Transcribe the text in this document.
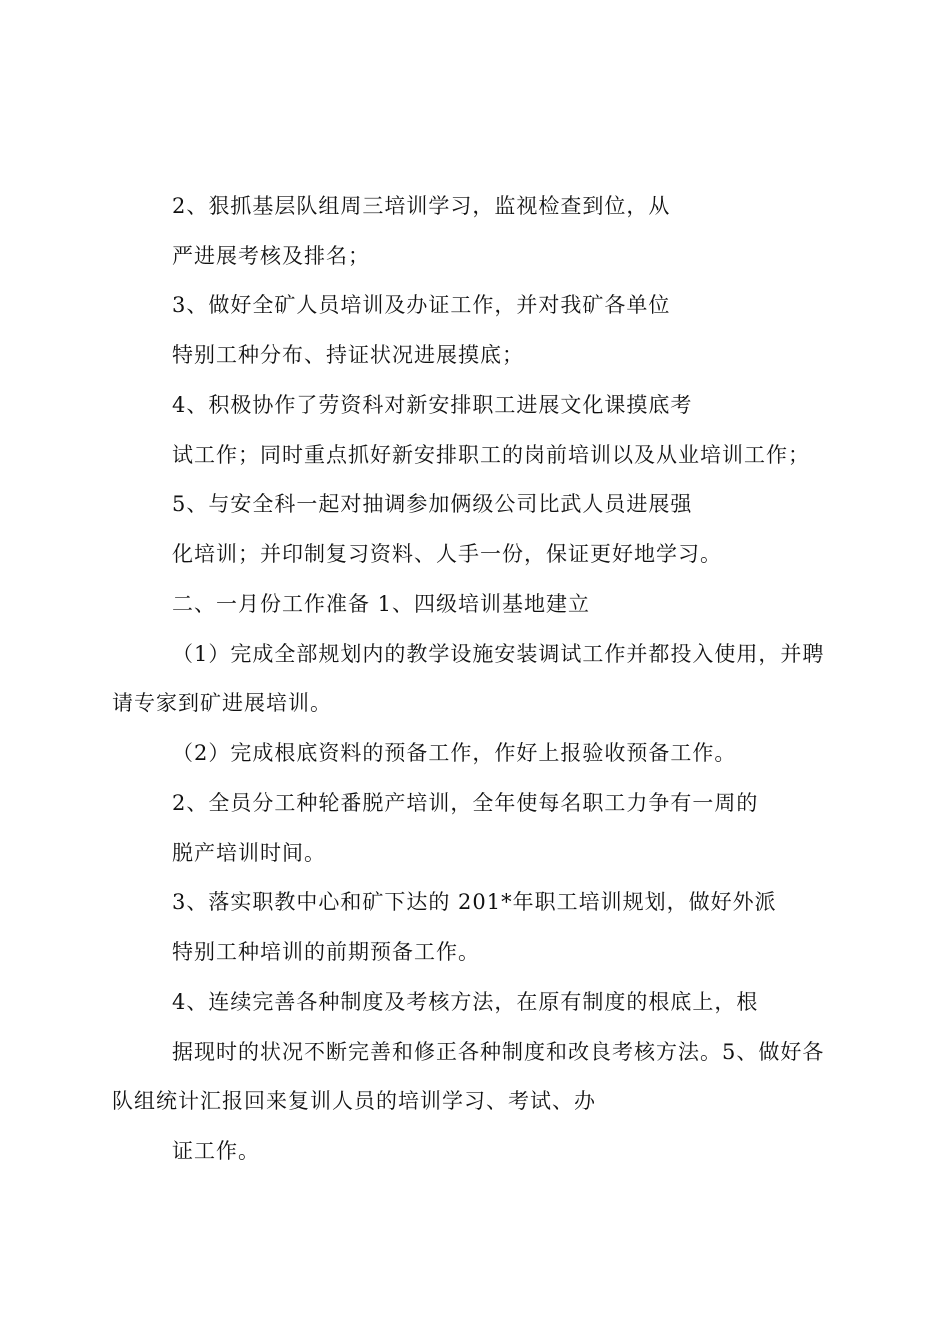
2、狠抓基层队组周三培训学习，监视检查到位，从
严进展考核及排名；
3、做好全矿人员培训及办证工作，并对我矿各单位
特别工种分布、持证状况进展摸底；
4、积极协作了劳资科对新安排职工进展文化课摸底考
试工作；同时重点抓好新安排职工的岗前培训以及从业培训工作；
5、与安全科一起对抽调参加俩级公司比武人员进展强
化培训；并印制复习资料、人手一份，保证更好地学习。
二、一月份工作准备 1、四级培训基地建立
（1）完成全部规划内的教学设施安装调试工作并都投入使用，并聘
请专家到矿进展培训。
（2）完成根底资料的预备工作，作好上报验收预备工作。
2、全员分工种轮番脱产培训，全年使每名职工力争有一周的
脱产培训时间。
3、落实职教中心和矿下达的 201*年职工培训规划，做好外派
特别工种培训的前期预备工作。
4、连续完善各种制度及考核方法，在原有制度的根底上，根
据现时的状况不断完善和修正各种制度和改良考核方法。5、做好各
队组统计汇报回来复训人员的培训学习、考试、办
证工作。
